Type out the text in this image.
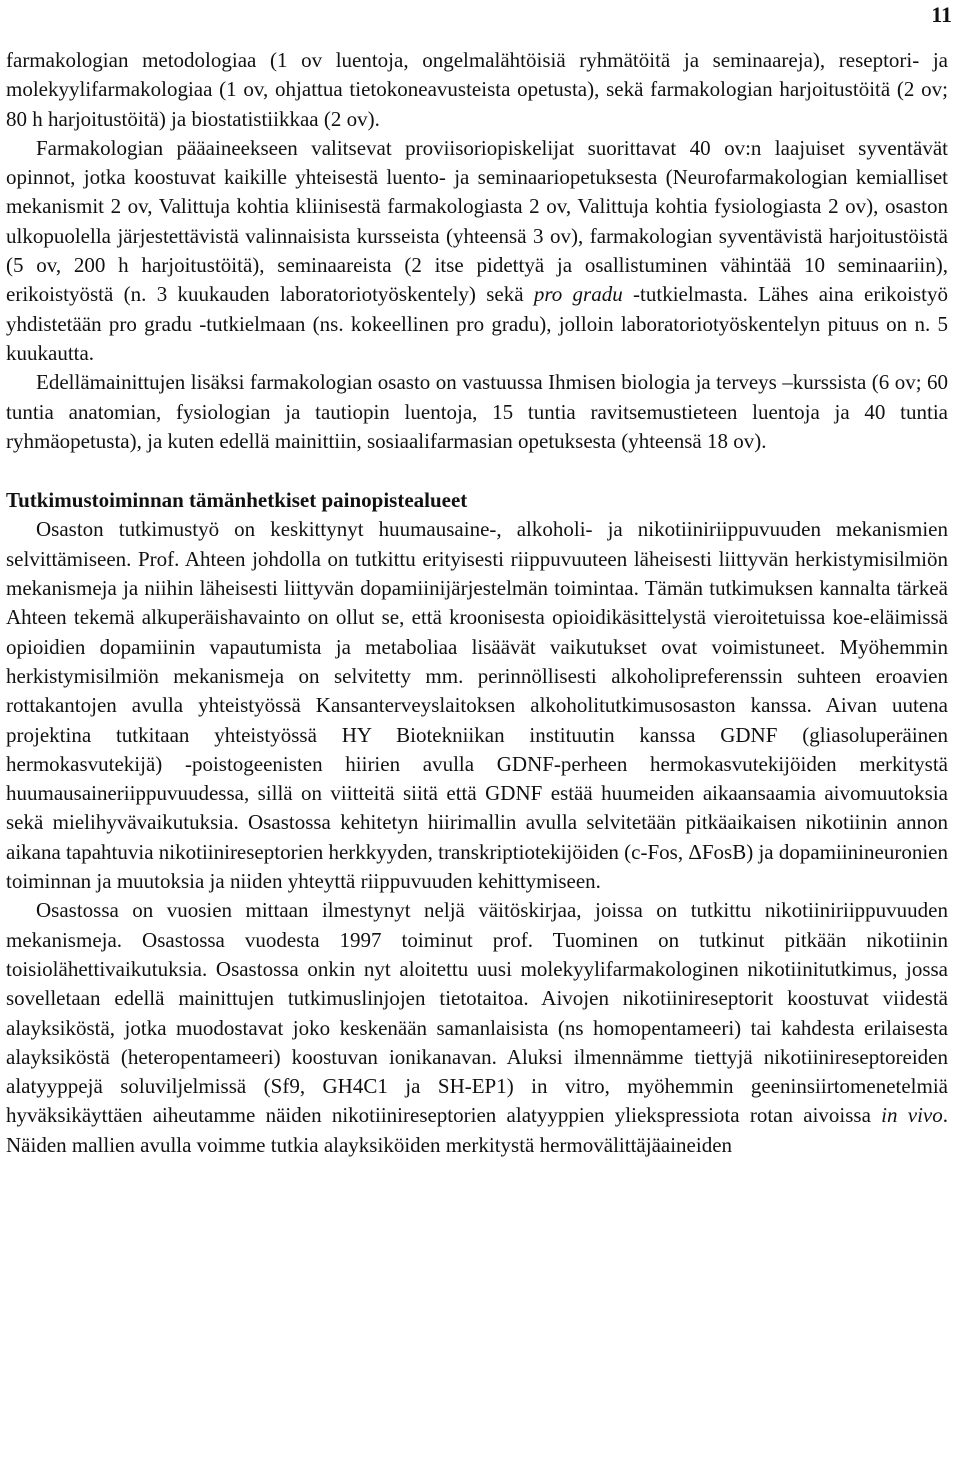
11

farmakologian metodologiaa (1 ov luentoja, ongelmalähtöisiä ryhmätöitä ja seminaareja), reseptori- ja molekyylifarmakologiaa (1 ov, ohjattua tietokoneavusteista opetusta), sekä farmakologian harjoitustöitä (2 ov; 80 h harjoitustöitä) ja biostatistiikkaa (2 ov).

Farmakologian pääaineekseen valitsevat proviisoriopiskelijat suorittavat 40 ov:n laajuiset syventävät opinnot, jotka koostuvat kaikille yhteisestä luento- ja seminaariopetuksesta (Neurofarmakologian kemialliset mekanismit 2 ov, Valittuja kohtia kliinisestä farmakologiasta 2 ov, Valittuja kohtia fysiologiasta 2 ov), osaston ulkopuolella järjestettävistä valinnaisista kursseista (yhteensä 3 ov), farmakologian syventävistä harjoitustöistä (5 ov, 200 h harjoitustöitä), seminaareista (2 itse pidettyä ja osallistuminen vähintää 10 seminaariin), erikoistyöstä (n. 3 kuukauden laboratoriotyöskentely) sekä pro gradu -tutkielmasta. Lähes aina erikoistyö yhdistetään pro gradu -tutkielmaan (ns. kokeellinen pro gradu), jolloin laboratoriotyöskentelyn pituus on n. 5 kuukautta.

Edellämainittujen lisäksi farmakologian osasto on vastuussa Ihmisen biologia ja terveys –kurssista (6 ov; 60 tuntia anatomian, fysiologian ja tautiopin luentoja, 15 tuntia ravitsemustieteen luentoja ja 40 tuntia ryhmäopetusta), ja kuten edellä mainittiin, sosiaalifarmasian opetuksesta (yhteensä 18 ov).

Tutkimustoiminnan tämänhetkiset painopistealueet

Osaston tutkimustyö on keskittynyt huumausaine-, alkoholi- ja nikotiiniriippuvuuden mekanismien selvittämiseen. Prof. Ahteen johdolla on tutkittu erityisesti riippuvuuteen läheisesti liittyvän herkistymisilmiön mekanismeja ja niihin läheisesti liittyvän dopamiinijärjestelmän toimintaa. Tämän tutkimuksen kannalta tärkeä Ahteen tekemä alkuperäishavainto on ollut se, että kroonisesta opioidikäsittelystä vieroitetuissa koe-eläimissä opioidien dopamiinin vapautumista ja metaboliaa lisäävät vaikutukset ovat voimistuneet. Myöhemmin herkistymisilmiön mekanismeja on selvitetty mm. perinnöllisesti alkoholipreferenssin suhteen eroavien rottakantojen avulla yhteistyössä Kansanterveyslaitoksen alkoholitutkimusosaston kanssa. Aivan uutena projektina tutkitaan yhteistyössä HY Biotekniikan instituutin kanssa GDNF (gliasoluperäinen hermokasvutekijä) -poistogeenisten hiirien avulla GDNF-perheen hermokasvutekijöiden merkitystä huumausaineriippuvuudessa, sillä on viitteitä siitä että GDNF estää huumeiden aikaansaamia aivomuutoksia sekä mielihyvävaikutuksia. Osastossa kehitetyn hiirimallin avulla selvitetään pitkäaikaisen nikotiinin annon aikana tapahtuvia nikotiinireseptorien herkkyyden, transkriptiotekijöiden (c-Fos, ΔFosB) ja dopamiinineuronien toiminnan ja muutoksia ja niiden yhteyttä riippuvuuden kehittymiseen.

Osastossa on vuosien mittaan ilmestynyt neljä väitöskirjaa, joissa on tutkittu nikotiiniriippuvuuden mekanismeja. Osastossa vuodesta 1997 toiminut prof. Tuominen on tutkinut pitkään nikotiinin toisiolähettivaikutuksia. Osastossa onkin nyt aloitettu uusi molekyylifarmakologinen nikotiinitutkimus, jossa sovelletaan edellä mainittujen tutkimuslinjojen tietotaitoa. Aivojen nikotiinireseptorit koostuvat viidestä alayksiköstä, jotka muodostavat joko keskenään samanlaisista (ns homopentameeri) tai kahdesta erilaisesta alayksiköstä (heteropentameeri) koostuvan ionikanavan. Aluksi ilmennämme tiettyjä nikotiinireseptoreiden alatyyppejä soluviljelmissä (Sf9, GH4C1 ja SH-EP1) in vitro, myöhemmin geeninsiirtomenetelmiä hyväksikäyttäen aiheutamme näiden nikotiinireseptorien alatyyppien yliekspressiota rotan aivoissa in vivo. Näiden mallien avulla voimme tutkia alayksiköiden merkitystä hermovälittäjäaineiden
